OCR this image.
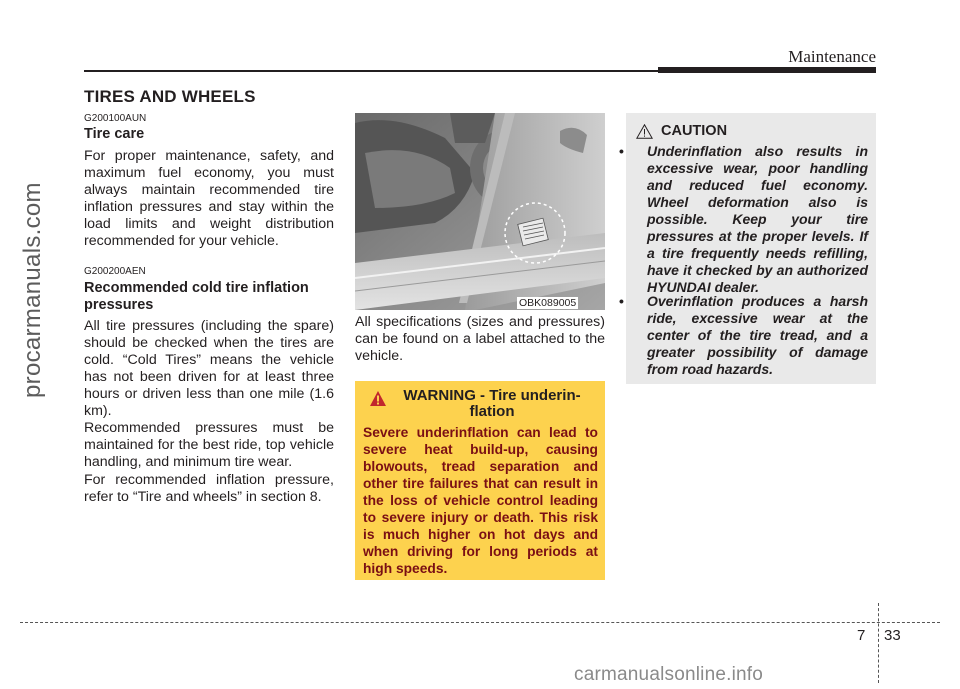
Maintenance
procarmanuals.com
carmanualsonline.info
TIRES AND WHEELS
G200100AUN
Tire care
For proper maintenance, safety, and maximum fuel economy, you must always maintain recommended tire inflation pressures and stay within the load limits and weight distribution recommended for your vehicle.
G200200AEN
Recommended cold tire inflation pressures
All tire pressures (including the spare) should be checked when the tires are cold. “Cold Tires” means the vehicle has not been driven for at least three hours or driven less than one mile (1.6 km).
Recommended pressures must be maintained for the best ride, top vehicle handling, and minimum tire wear.
For recommended inflation pressure, refer to “Tire and wheels” in section 8.
OBK089005
All specifications (sizes and pressures) can be found on a label attached to the vehicle.
WARNING - Tire underin-flation
Severe underinflation can lead to severe heat build-up, causing blowouts, tread separation and other tire failures that can result in the loss of vehicle control leading to severe injury or death. This risk is much higher on hot days and when driving for long periods at high speeds.
CAUTION
• Underinflation also results in excessive wear, poor handling and reduced fuel economy. Wheel deformation also is possible. Keep your tire pressures at the proper levels. If a tire frequently needs refilling, have it checked by an authorized HYUNDAI dealer.
• Overinflation produces a harsh ride, excessive wear at the center of the tire tread, and a greater possibility of damage from road hazards.
7 33
